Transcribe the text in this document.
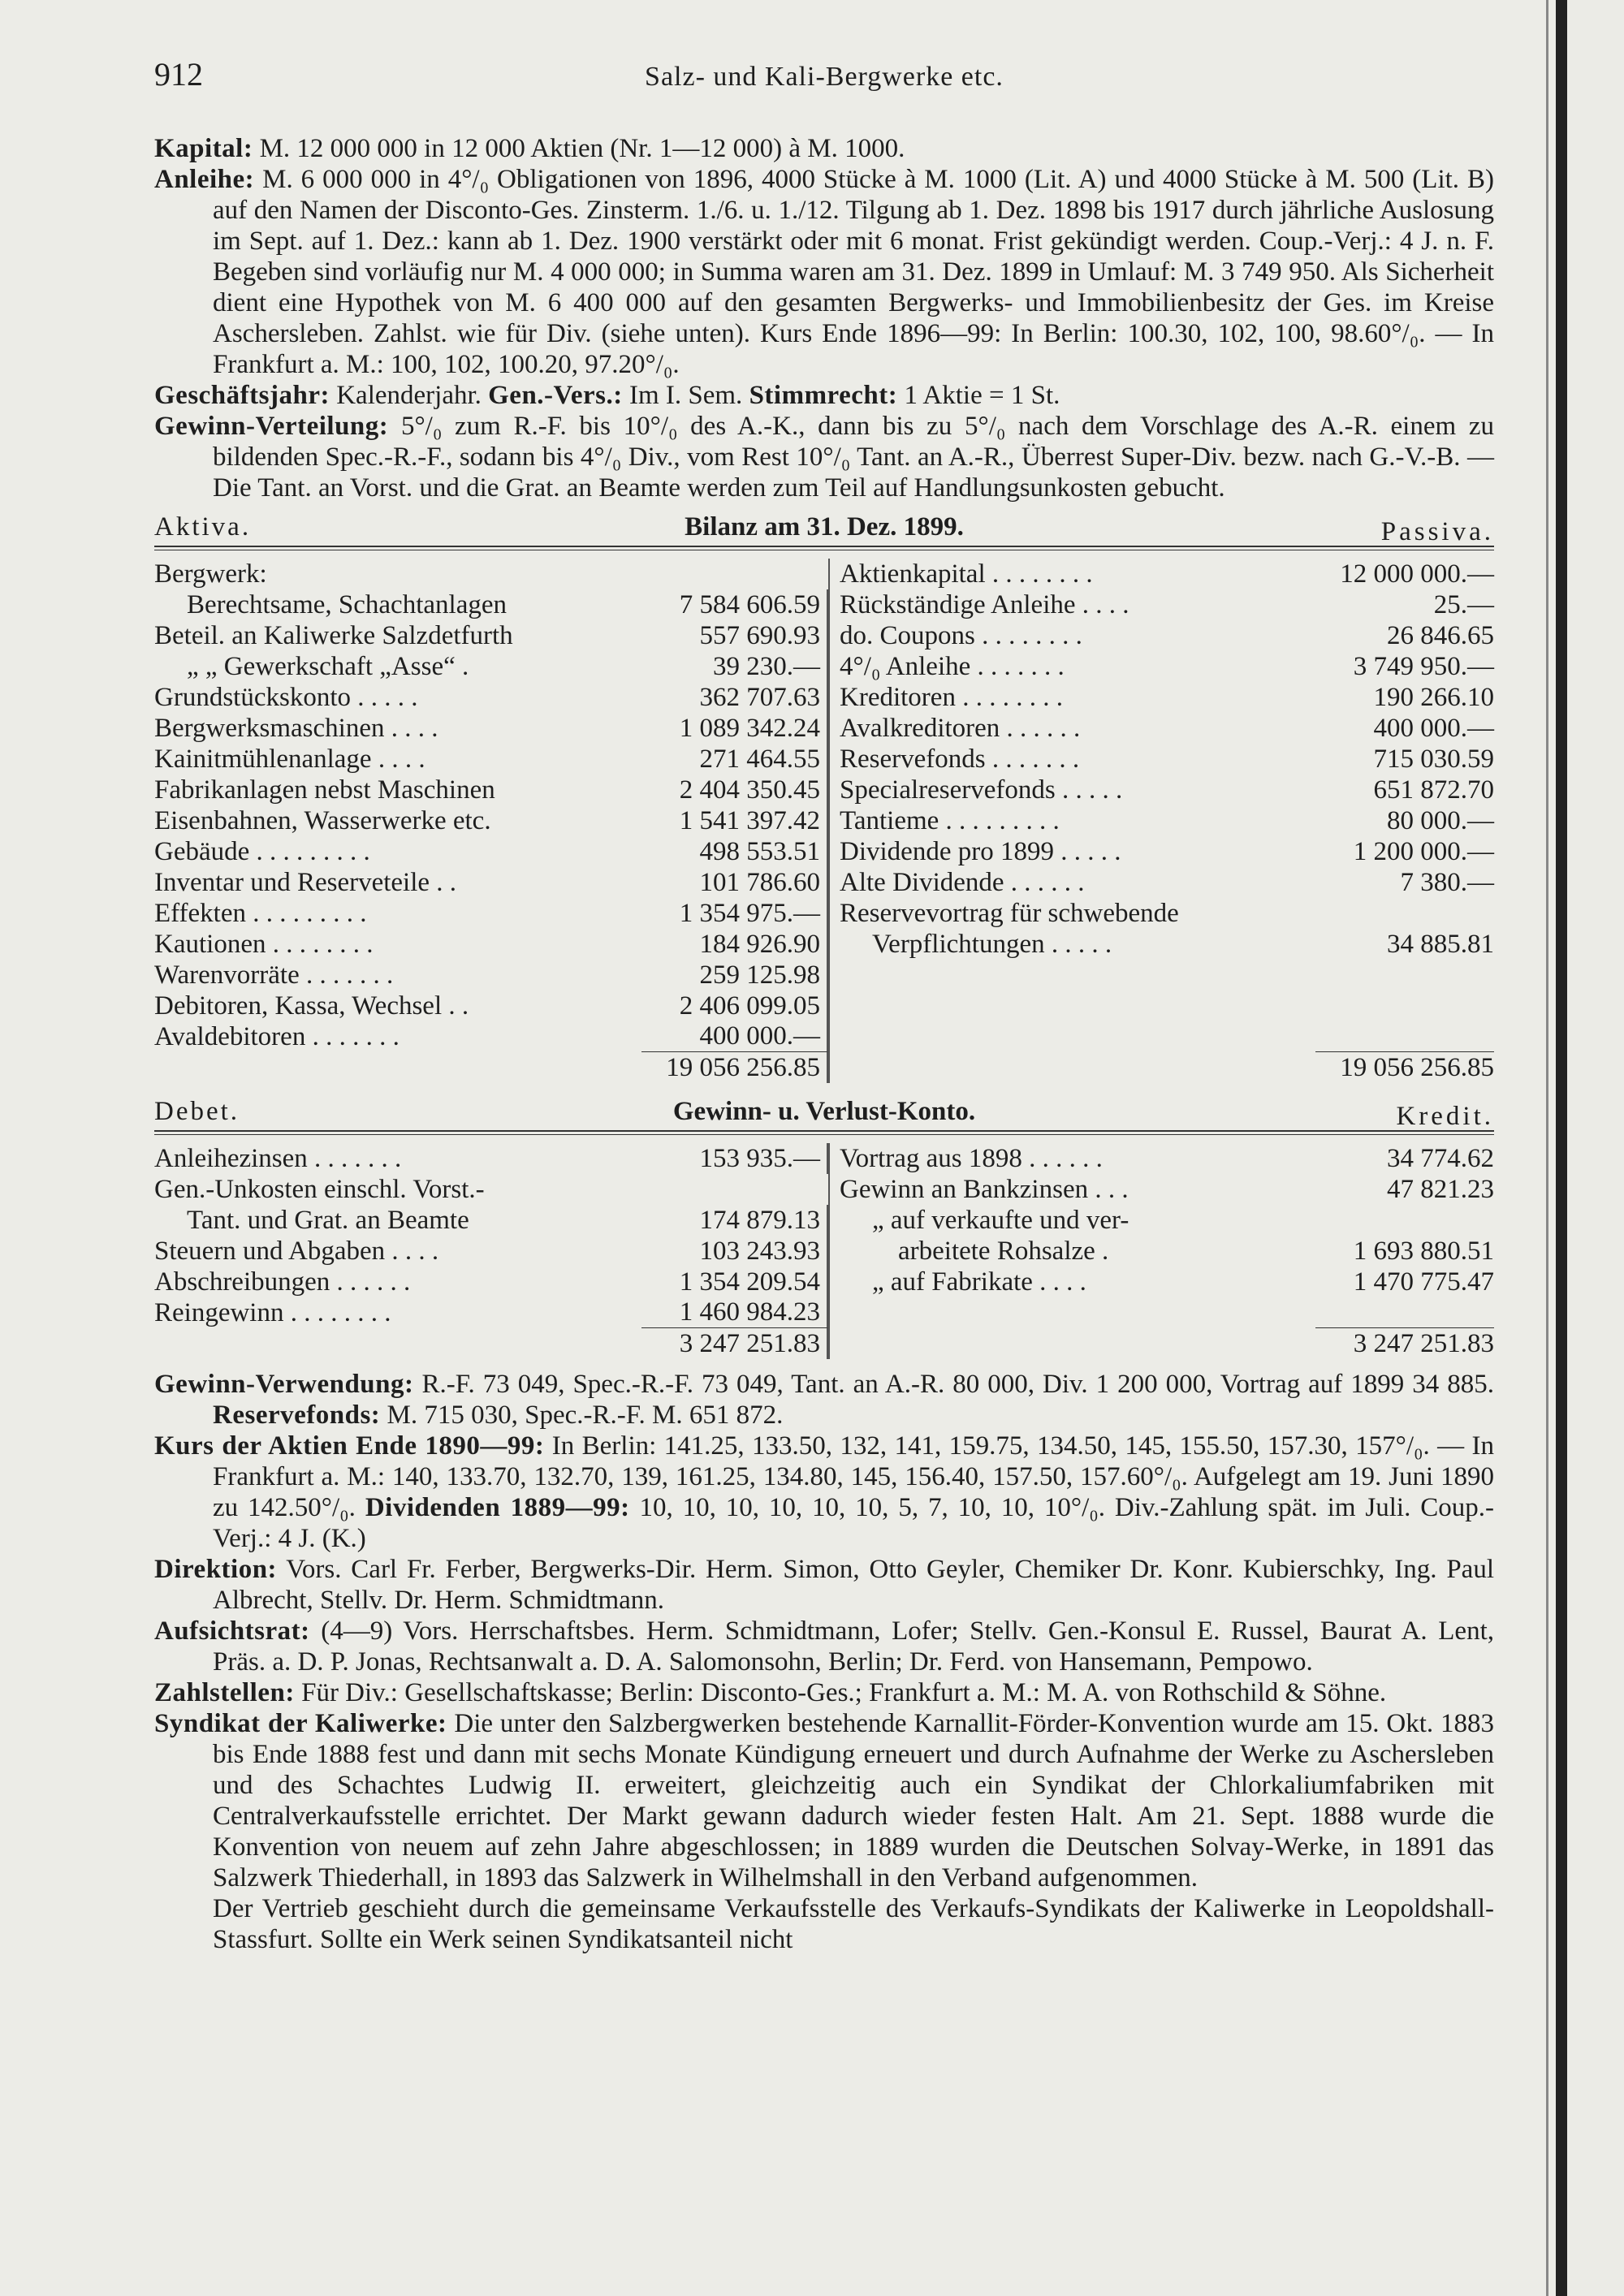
912	Salz- und Kali-Bergwerke etc.

Kapital: M. 12 000 000 in 12 000 Aktien (Nr. 1—12 000) à M. 1000.

Anleihe: M. 6 000 000 in 4°/₀ Obligationen von 1896, 4000 Stücke à M. 1000 (Lit. A) und 4000 Stücke à M. 500 (Lit. B) auf den Namen der Disconto-Ges. Zinsterm. 1./6. u. 1./12. Tilgung ab 1. Dez. 1898 bis 1917 durch jährliche Auslosung im Sept. auf 1. Dez.: kann ab 1. Dez. 1900 verstärkt oder mit 6 monat. Frist gekündigt werden. Coup.-Verj.: 4 J. n. F. Begeben sind vorläufig nur M. 4 000 000; in Summa waren am 31. Dez. 1899 in Umlauf: M. 3 749 950. Als Sicherheit dient eine Hypothek von M. 6 400 000 auf den gesamten Bergwerks- und Immobilienbesitz der Ges. im Kreise Aschersleben. Zahlst. wie für Div. (siehe unten). Kurs Ende 1896—99: In Berlin: 100.30, 102, 100, 98.60°/₀. — In Frankfurt a. M.: 100, 102, 100.20, 97.20°/₀.

Geschäftsjahr: Kalenderjahr. Gen.-Vers.: Im I. Sem. Stimmrecht: 1 Aktie = 1 St.

Gewinn-Verteilung: 5°/₀ zum R.-F. bis 10°/₀ des A.-K., dann bis zu 5°/₀ nach dem Vorschlage des A.-R. einem zu bildenden Spec.-R.-F., sodann bis 4°/₀ Div., vom Rest 10°/₀ Tant. an A.-R., Überrest Super-Div. bezw. nach G.-V.-B. — Die Tant. an Vorst. und die Grat. an Beamte werden zum Teil auf Handlungsunkosten gebucht.

Aktiva.	Bilanz am 31. Dez. 1899.	Passiva.
Bergwerk:
Berechtsame, Schachtanlagen	7 584 606.59
Beteil. an Kaliwerke Salzdetfurth	557 690.93
„ „ Gewerkschaft „Asse“ .	39 230.—
Grundstückskonto . . . . .	362 707.63
Bergwerksmaschinen . . . .	1 089 342.24
Kainitmühlenanlage . . . .	271 464.55
Fabrikanlagen nebst Maschinen	2 404 350.45
Eisenbahnen, Wasserwerke etc.	1 541 397.42
Gebäude . . . . . . . . .	498 553.51
Inventar und Reserveteile . .	101 786.60
Effekten . . . . . . . . .	1 354 975.—
Kautionen . . . . . . . .	184 926.90
Warenvorräte . . . . . . .	259 125.98
Debitoren, Kassa, Wechsel . .	2 406 099.05
Avaldebitoren . . . . . . .	400 000.—
19 056 256.85
Aktienkapital . . . . . . . .	12 000 000.—
Rückständige Anleihe . . . .	25.—
do. Coupons . . . . . . . .	26 846.65
4°/₀ Anleihe . . . . . . .	3 749 950.—
Kreditoren . . . . . . . .	190 266.10
Avalkreditoren . . . . . .	400 000.—
Reservefonds . . . . . . .	715 030.59
Specialreservefonds . . . . .	651 872.70
Tantieme . . . . . . . . .	80 000.—
Dividende pro 1899 . . . . .	1 200 000.—
Alte Dividende . . . . . .	7 380.—
Reservevortrag für schwebende
Verpflichtungen . . . . .	34 885.81
19 056 256.85
Debet.	Gewinn- u. Verlust-Konto.	Kredit.
Anleihezinsen . . . . . . .	153 935.—
Gen.-Unkosten einschl. Vorst.-
Tant. und Grat. an Beamte	174 879.13
Steuern und Abgaben . . . .	103 243.93
Abschreibungen . . . . . .	1 354 209.54
Reingewinn . . . . . . . .	1 460 984.23
3 247 251.83
Vortrag aus 1898 . . . . . .	34 774.62
Gewinn an Bankzinsen . . .	47 821.23
„ auf verkaufte und ver-
arbeitete Rohsalze .	1 693 880.51
„ auf Fabrikate . . . .	1 470 775.47
3 247 251.83

Gewinn-Verwendung: R.-F. 73 049, Spec.-R.-F. 73 049, Tant. an A.-R. 80 000, Div. 1 200 000, Vortrag auf 1899 34 885. Reservefonds: M. 715 030, Spec.-R.-F. M. 651 872.

Kurs der Aktien Ende 1890—99: In Berlin: 141.25, 133.50, 132, 141, 159.75, 134.50, 145, 155.50, 157.30, 157°/₀. — In Frankfurt a. M.: 140, 133.70, 132.70, 139, 161.25, 134.80, 145, 156.40, 157.50, 157.60°/₀. Aufgelegt am 19. Juni 1890 zu 142.50°/₀. Dividenden 1889—99: 10, 10, 10, 10, 10, 10, 5, 7, 10, 10, 10°/₀. Div.-Zahlung spät. im Juli. Coup.-Verj.: 4 J. (K.)

Direktion: Vors. Carl Fr. Ferber, Bergwerks-Dir. Herm. Simon, Otto Geyler, Chemiker Dr. Konr. Kubierschky, Ing. Paul Albrecht, Stellv. Dr. Herm. Schmidtmann.

Aufsichtsrat: (4—9) Vors. Herrschaftsbes. Herm. Schmidtmann, Lofer; Stellv. Gen.-Konsul E. Russel, Baurat A. Lent, Präs. a. D. P. Jonas, Rechtsanwalt a. D. A. Salomonsohn, Berlin; Dr. Ferd. von Hansemann, Pempowo.

Zahlstellen: Für Div.: Gesellschaftskasse; Berlin: Disconto-Ges.; Frankfurt a. M.: M. A. von Rothschild & Söhne.

Syndikat der Kaliwerke: Die unter den Salzbergwerken bestehende Karnallit-Förder-Konvention wurde am 15. Okt. 1883 bis Ende 1888 fest und dann mit sechs Monate Kündigung erneuert und durch Aufnahme der Werke zu Aschersleben und des Schachtes Ludwig II. erweitert, gleichzeitig auch ein Syndikat der Chlorkaliumfabriken mit Centralverkaufsstelle errichtet. Der Markt gewann dadurch wieder festen Halt. Am 21. Sept. 1888 wurde die Konvention von neuem auf zehn Jahre abgeschlossen; in 1889 wurden die Deutschen Solvay-Werke, in 1891 das Salzwerk Thiederhall, in 1893 das Salzwerk in Wilhelmshall in den Verband aufgenommen.

Der Vertrieb geschieht durch die gemeinsame Verkaufsstelle des Verkaufs-Syndikats der Kaliwerke in Leopoldshall-Stassfurt. Sollte ein Werk seinen Syndikatsanteil nicht
